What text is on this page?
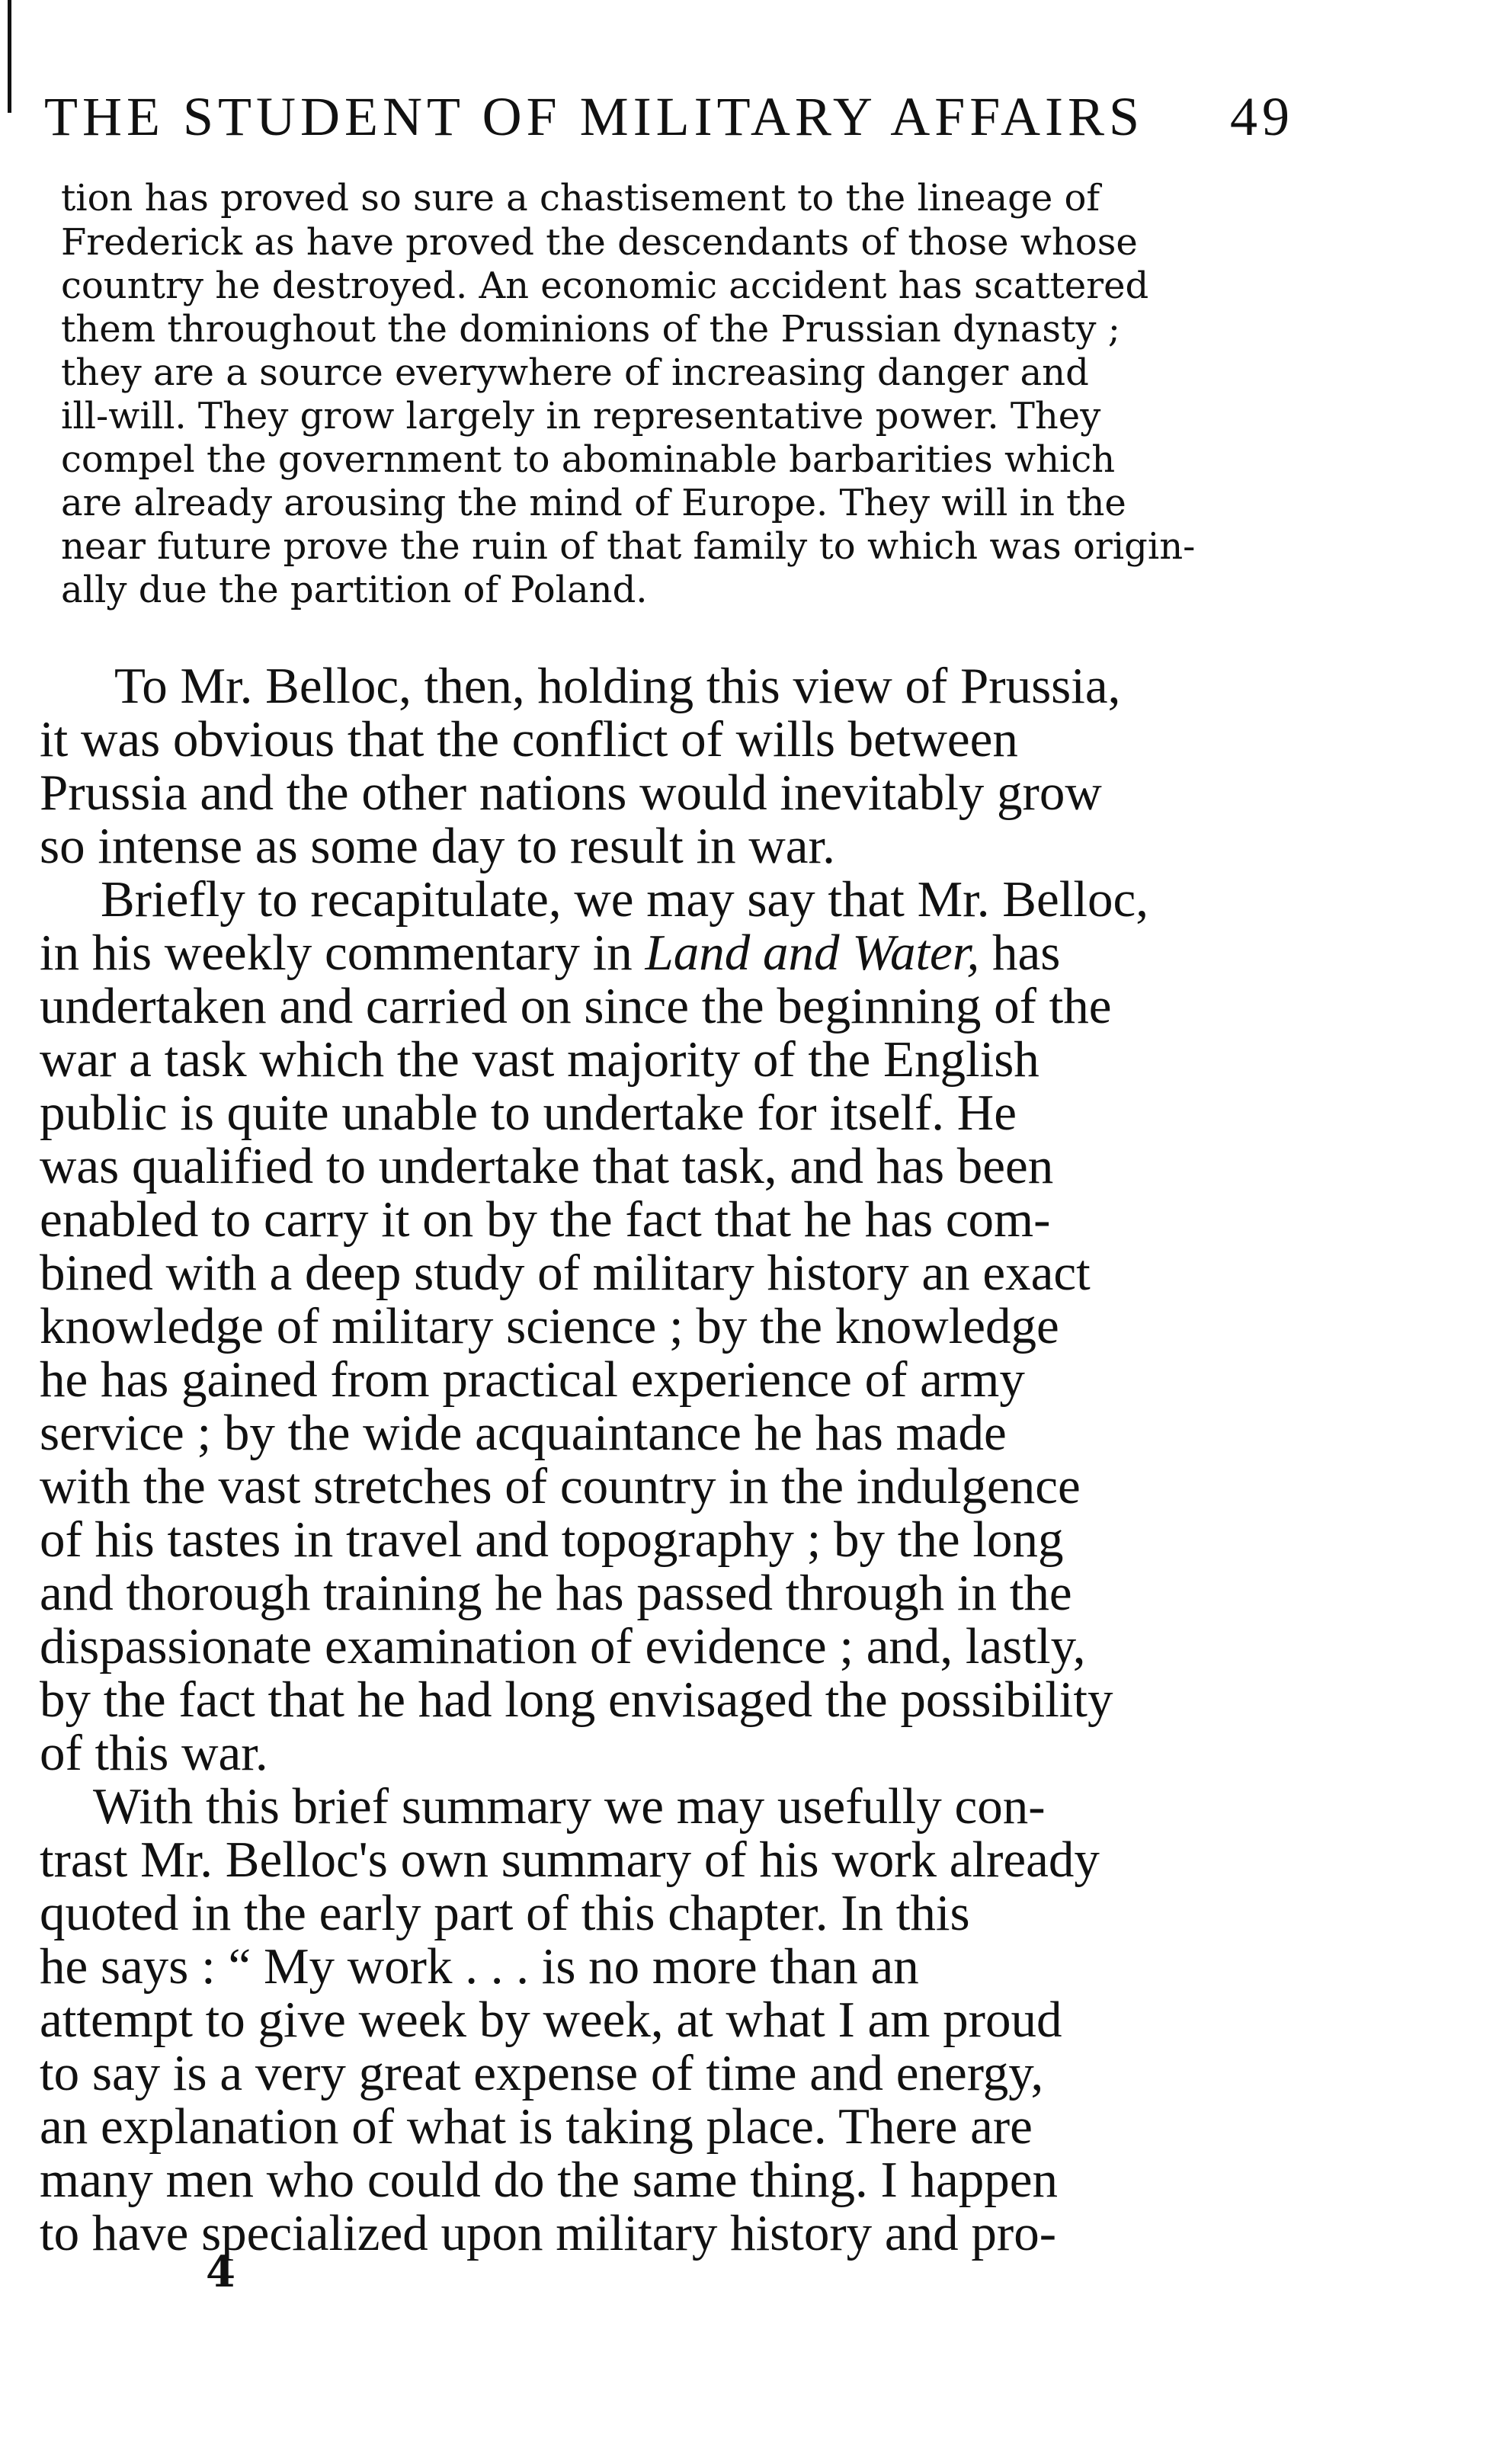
THE STUDENT OF MILITARY AFFAIRS 49
tion has proved so sure a chastisement to the lineage of
Frederick as have proved the descendants of those whose
country he destroyed. An economic accident has scattered
them throughout the dominions of the Prussian dynasty ;
they are a source everywhere of increasing danger and
ill-will. They grow largely in representative power. They
compel the government to abominable barbarities which
are already arousing the mind of Europe. They will in the
near future prove the ruin of that family to which was origin-
ally due the partition of Poland.
To Mr. Belloc, then, holding this view of Prussia,
it was obvious that the conflict of wills between
Prussia and the other nations would inevitably grow
so intense as some day to result in war.
Briefly to recapitulate, we may say that Mr. Belloc,
in his weekly commentary in Land and Water, has
undertaken and carried on since the beginning of the
war a task which the vast majority of the English
public is quite unable to undertake for itself. He
was qualified to undertake that task, and has been
enabled to carry it on by the fact that he has com-
bined with a deep study of military history an exact
knowledge of military science ; by the knowledge
he has gained from practical experience of army
service ; by the wide acquaintance he has made
with the vast stretches of country in the indulgence
of his tastes in travel and topography ; by the long
and thorough training he has passed through in the
dispassionate examination of evidence ; and, lastly,
by the fact that he had long envisaged the possibility
of this war.
With this brief summary we may usefully con-
trast Mr. Belloc's own summary of his work already
quoted in the early part of this chapter. In this
he says : “ My work . . . is no more than an
attempt to give week by week, at what I am proud
to say is a very great expense of time and energy,
an explanation of what is taking place. There are
many men who could do the same thing. I happen
to have specialized upon military history and pro-
4
